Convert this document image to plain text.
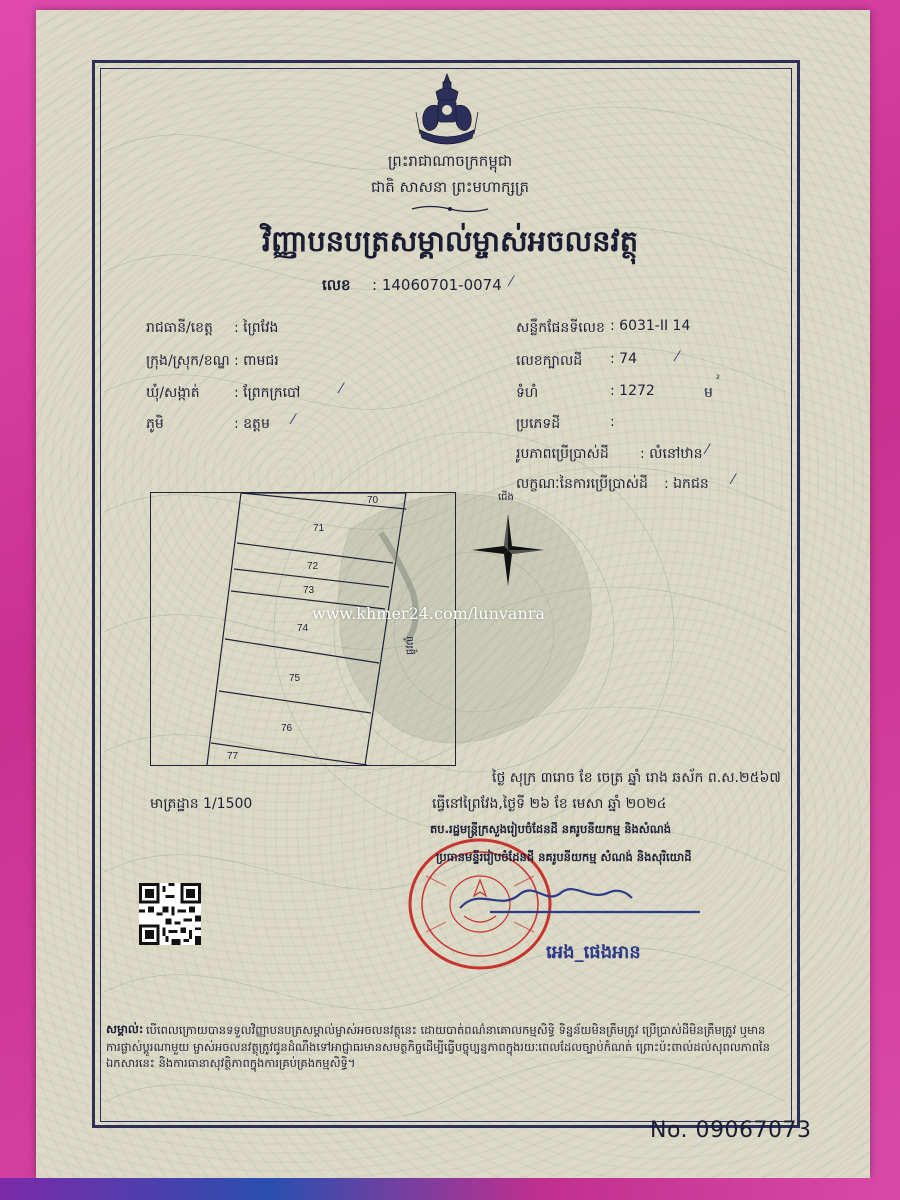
ព្រះរាជាណាចក្រកម្ពុជា
ជាតិ សាសនា ព្រះមហាក្សត្រ
វិញ្ញាបនបត្រសម្គាល់ម្ចាស់អចលនវត្ថុ
លេខ : 14060701-0074 ⁄
រាជធានី/ខេត្ត : ព្រៃវែង
ក្រុង/ស្រុក/ខណ្ឌ : ពាមជរ
ឃុំ/សង្កាត់ : ព្រែកក្របៅ	⁄
ភូមិ	: ឧត្តម ⁄
សន្លឹកផែនទីលេខ : 6031-II 14
លេខក្បាលដី : 74	⁄
ទំហំ	: 1272	ម
²
ប្រភេទដី	:
រូបភាពប្រើប្រាស់ដី : លំនៅឋាន ⁄
លក្ខណៈនៃការប្រើប្រាស់ដី : ឯកជន ⁄
70
71
72
73
74
75
76
77
ផ្លូវលំ
ជើង
www.khmer24.com/lunvanra
មាត្រដ្ឋាន 1/1500
ថ្ងៃ សុក្រ ៣រោច ខែ ចេត្រ ឆ្នាំ រោង ឆស័ក ព.ស.២៥៦៧
ធ្វើនៅព្រៃវែង,ថ្ងៃទី ២៦ ខែ មេសា ឆ្នាំ ២០២៤
តប.រដ្ឋមន្ត្រីក្រសួងរៀបចំដែនដី នគរូបនីយកម្ម និងសំណង់
ប្រធានមន្ទីររៀបចំដែនដី នគរូបនីយកម្ម សំណង់ និងសុរិយោដី
អេង_ផេងអាន
សម្គាល់: បើពេលក្រោយបានទទួលវិញ្ញាបនបត្រសម្គាល់ម្ចាស់អចលនវត្ថុនេះ ដោយបាត់ពណ៌នាគោលកម្មសិទ្ធិ ទិន្នន័យមិនត្រឹមត្រូវ ប្រើប្រាស់ដីមិនត្រឹមត្រូវ ឬមានការផ្លាស់ប្តូរណាមួយ ម្ចាស់អចលនវត្ថុត្រូវជូនដំណឹងទៅអាជ្ញាធរមានសមត្ថកិច្ចដើម្បីធ្វើបច្ចុប្បន្នភាពក្នុងរយៈពេលដែលច្បាប់កំណត់ ព្រោះប៉ះពាល់ដល់សុពលភាពនៃឯកសារនេះ និងការធានាសុវត្ថិភាពក្នុងការគ្រប់គ្រងកម្មសិទ្ធិ។
No. 09067073
